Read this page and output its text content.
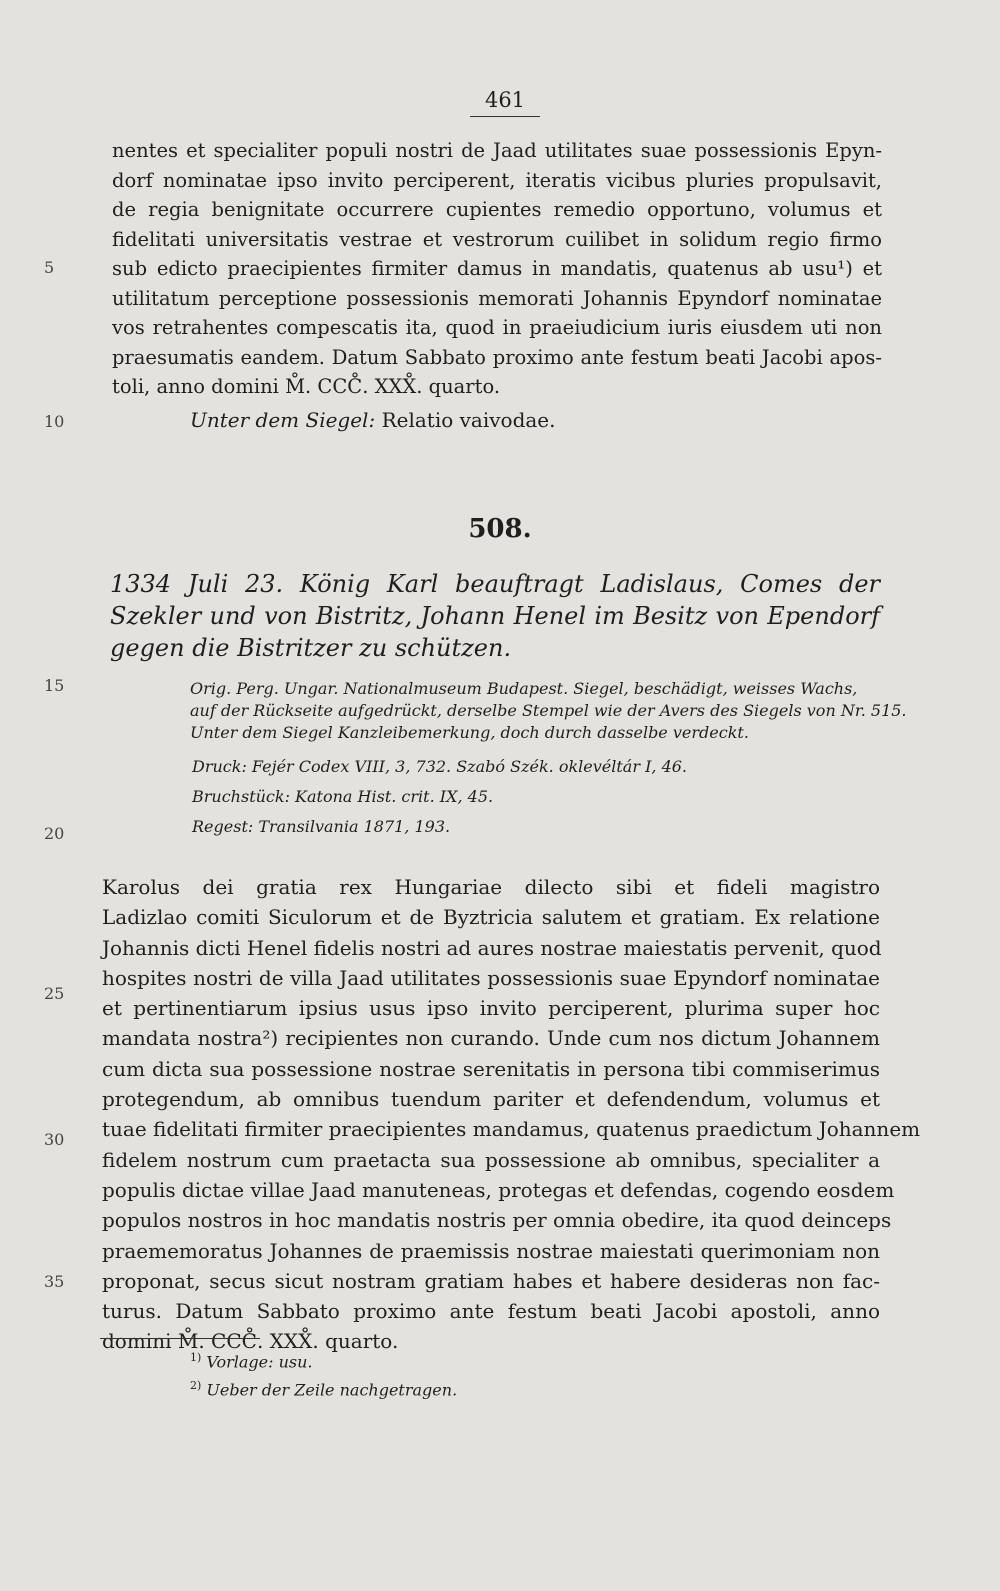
461
nentes et specialiter populi nostri de Jaad utilitates suae possessionis Epyn-
dorf nominatae ipso invito perciperent, iteratis vicibus pluries propulsavit,
de regia benignitate occurrere cupientes remedio opportuno, volumus et
fidelitati universitatis vestrae et vestrorum cuilibet in solidum regio firmo
sub edicto praecipientes firmiter damus in mandatis, quatenus ab usu¹) et
utilitatum perceptione possessionis memorati Johannis Epyndorf nominatae
vos retrahentes compescatis ita, quod in praeiudicium iuris eiusdem uti non
praesumatis eandem. Datum Sabbato proximo ante festum beati Jacobi apos-
toli, anno domini M̊. CCC̊. XXX̊. quarto.
5
10
15
20
25
30
35
Unter dem Siegel: Relatio vaivodae.
508.
1334 Juli 23. König Karl beauftragt Ladislaus, Comes der
Szekler und von Bistritz, Johann Henel im Besitz von Ependorf
gegen die Bistritzer zu schützen.
Orig. Perg. Ungar. Nationalmuseum Budapest. Siegel, beschädigt, weisses Wachs,
auf der Rückseite aufgedrückt, derselbe Stempel wie der Avers des Siegels von Nr. 515.
Unter dem Siegel Kanzleibemerkung, doch durch dasselbe verdeckt.
Druck: Fejér Codex VIII, 3, 732. Szabó Szék. oklevéltár I, 46.
Bruchstück: Katona Hist. crit. IX, 45.
Regest: Transilvania 1871, 193.
Karolus dei gratia rex Hungariae dilecto sibi et fideli magistro
Ladizlao comiti Siculorum et de Byztricia salutem et gratiam. Ex relatione
Johannis dicti Henel fidelis nostri ad aures nostrae maiestatis pervenit, quod
hospites nostri de villa Jaad utilitates possessionis suae Epyndorf nominatae
et pertinentiarum ipsius usus ipso invito perciperent, plurima super hoc
mandata nostra²) recipientes non curando. Unde cum nos dictum Johannem
cum dicta sua possessione nostrae serenitatis in persona tibi commiserimus
protegendum, ab omnibus tuendum pariter et defendendum, volumus et
tuae fidelitati firmiter praecipientes mandamus, quatenus praedictum Johannem
fidelem nostrum cum praetacta sua possessione ab omnibus, specialiter a
populis dictae villae Jaad manuteneas, protegas et defendas, cogendo eosdem
populos nostros in hoc mandatis nostris per omnia obedire, ita quod deinceps
praememoratus Johannes de praemissis nostrae maiestati querimoniam non
proponat, secus sicut nostram gratiam habes et habere desideras non fac-
turus. Datum Sabbato proximo ante festum beati Jacobi apostoli, anno
domini M̊. CCC̊. XXX̊. quarto.
$^{1)}$ Vorlage: usu.
$^{2)}$ Ueber der Zeile nachgetragen.
